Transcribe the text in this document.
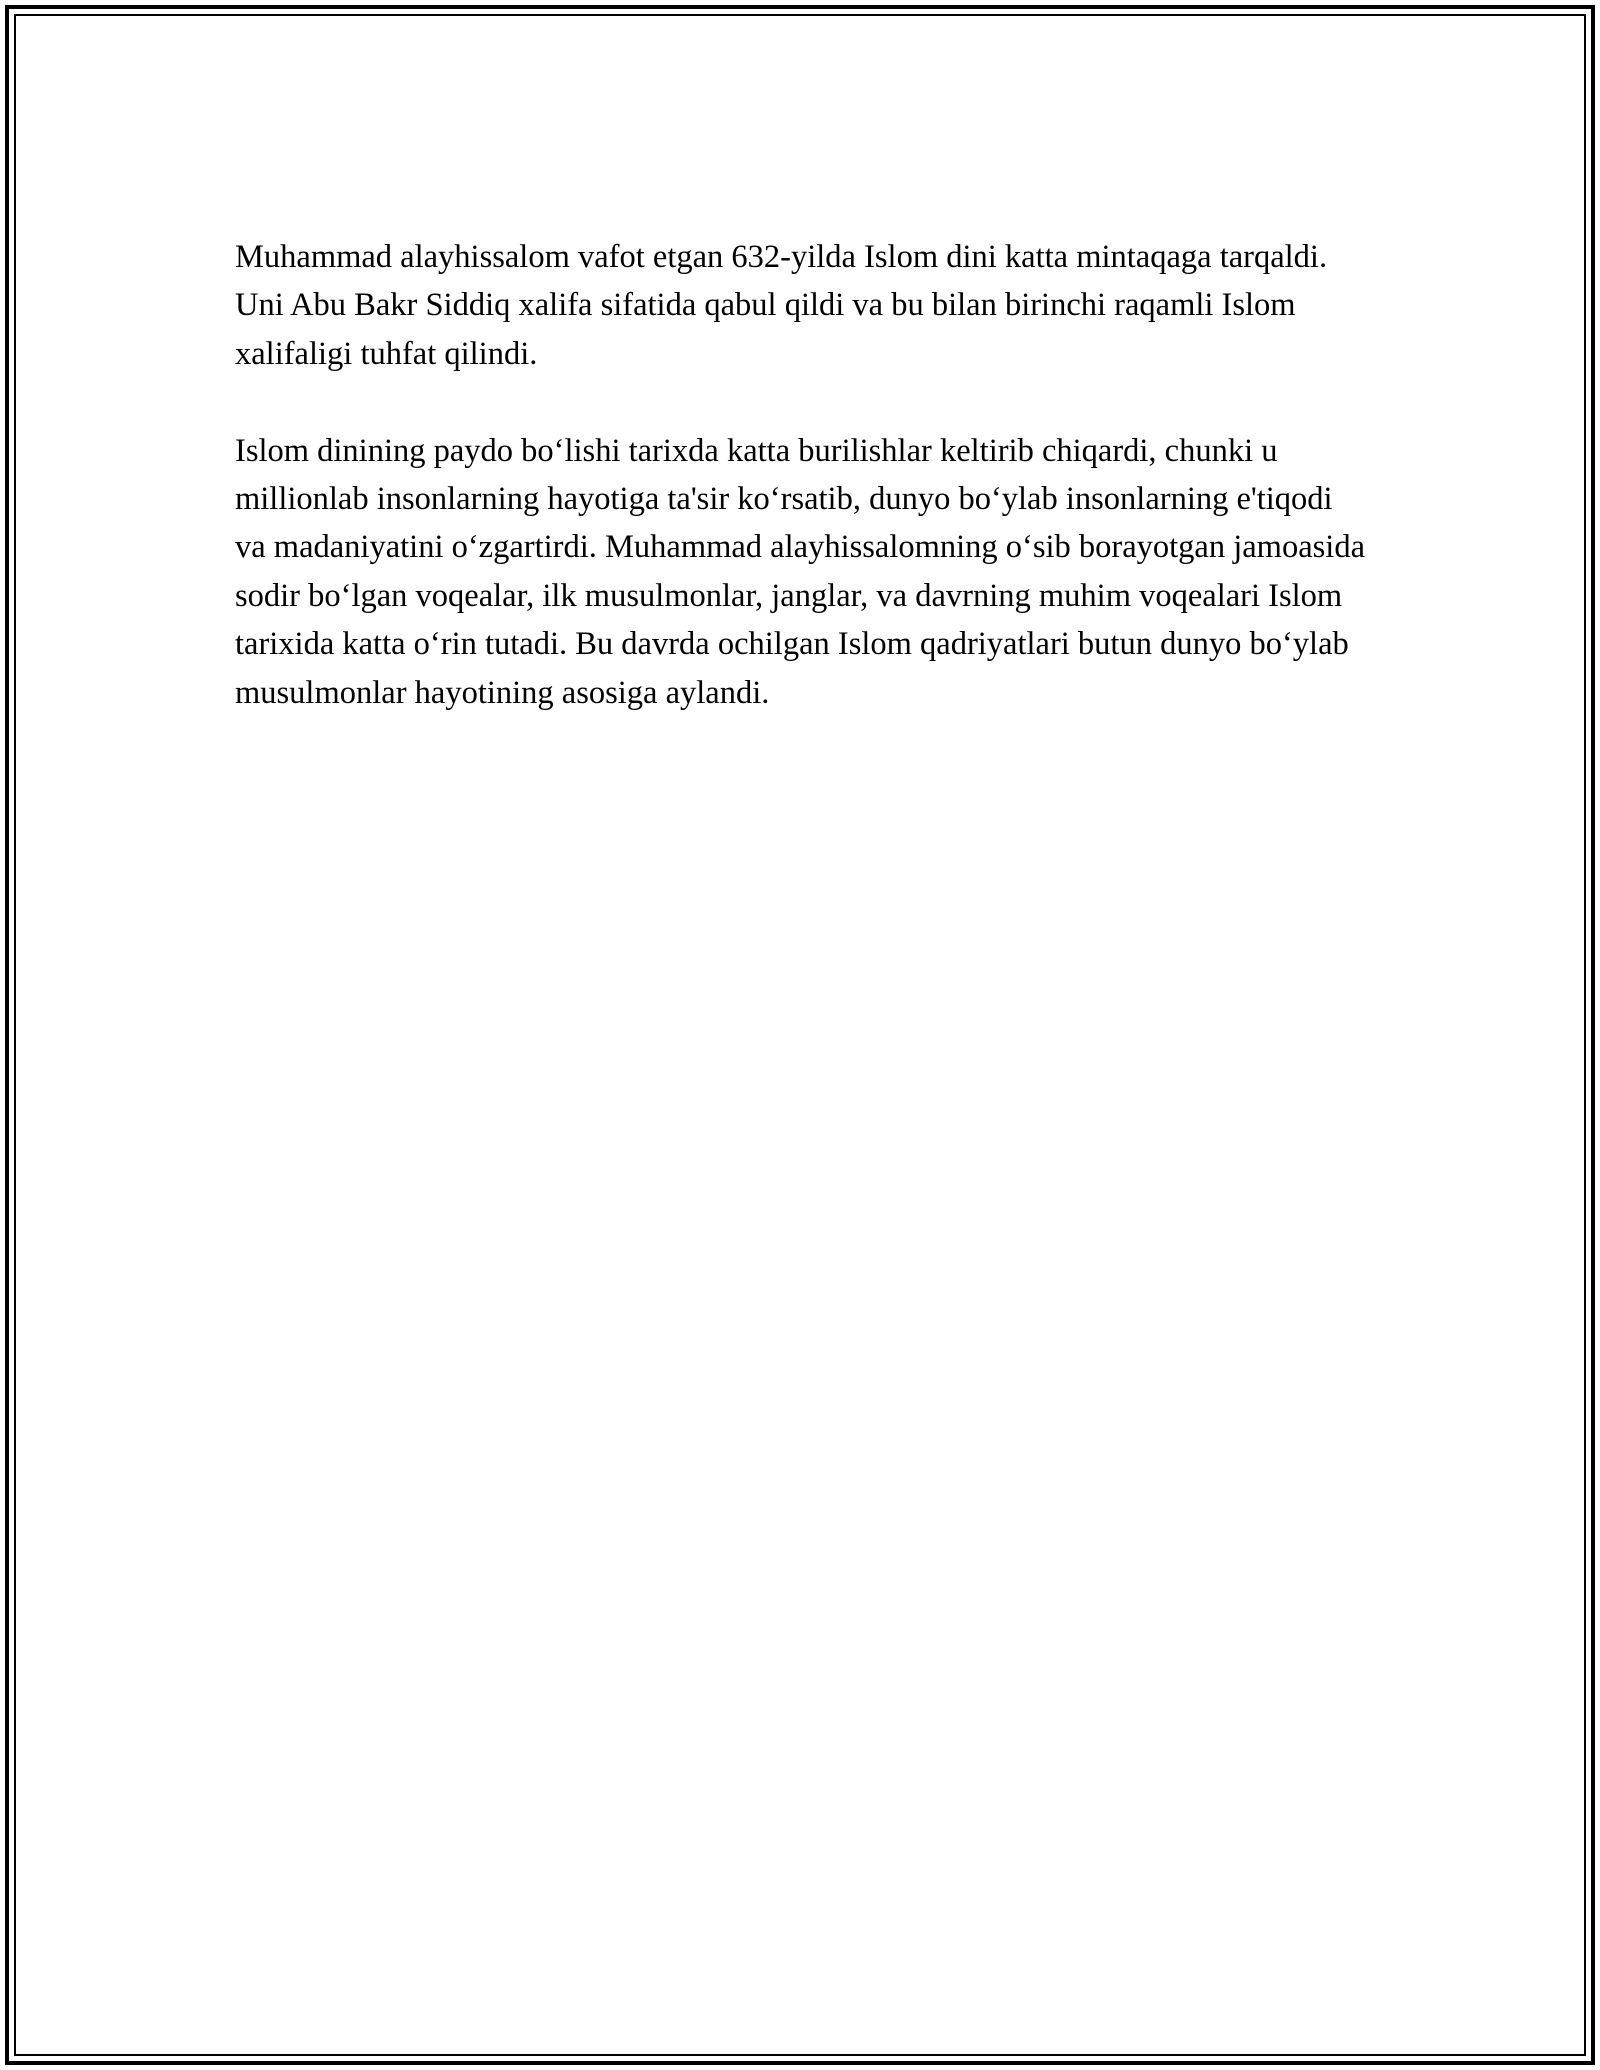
Muhammad alayhissalom vafot etgan 632-yilda Islom dini katta mintaqaga tarqaldi. Uni Abu Bakr Siddiq xalifa sifatida qabul qildi va bu bilan birinchi raqamli Islom xalifaligi tuhfat qilindi.

Islom dinining paydo boʻlishi tarixda katta burilishlar keltirib chiqardi, chunki u millionlab insonlarning hayotiga ta'sir koʻrsatib, dunyo boʻylab insonlarning e'tiqodi va madaniyatini oʻzgartirdi. Muhammad alayhissalomning oʻsib borayotgan jamoasida sodir boʻlgan voqealar, ilk musulmonlar, janglar, va davrning muhim voqealari Islom tarixida katta oʻrin tutadi. Bu davrda ochilgan Islom qadriyatlari butun dunyo boʻylab musulmonlar hayotining asosiga aylandi.
